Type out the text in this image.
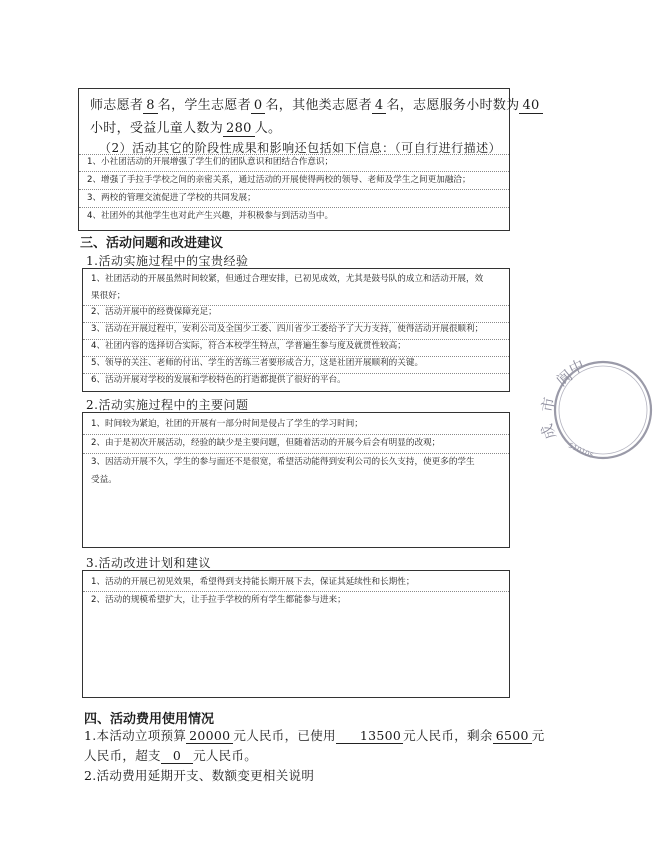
师志愿者 8 名，学生志愿者 0 名，其他类志愿者 4 名，志愿服务小时数为 40
小时，受益儿童人数为 280 人。
（2）活动其它的阶段性成果和影响还包括如下信息：（可自行进行描述）
1、小社团活动的开展增强了学生们的团队意识和团结合作意识；
2、增强了手拉手学校之间的亲密关系，通过活动的开展使得两校的领导、老师及学生之间更加融洽；
3、两校的管理交流促进了学校的共同发展；
4、社团外的其他学生也对此产生兴趣，并积极参与到活动当中。
三、活动问题和改进建议
1.活动实施过程中的宝贵经验
1、社团活动的开展虽然时间较紧，但通过合理安排，已初见成效，尤其是鼓号队的成立和活动开展，效
果很好；
2、活动开展中的经费保障充足；
3、活动在开展过程中，安利公司及全国少工委、四川省少工委给予了大力支持，使得活动开展很顺利；
4、社团内容的选择切合实际，符合本校学生特点，学普遍生参与度及就贯性较高；
5、领导的关注、老师的付出、学生的苦练三者要形成合力，这是社团开展顺利的关键。
6、活动开展对学校的发展和学校特色的打造都提供了很好的平台。
2.活动实施过程中的主要问题
1、时间较为紧迫，社团的开展有一部分时间是侵占了学生的学习时间；
2、由于是初次开展活动，经验的缺少是主要问题，但随着活动的开展今后会有明显的改观；
3、因活动开展不久，学生的参与面还不是很宽，希望活动能得到安利公司的长久支持，使更多的学生
受益。
3.活动改进计划和建议
1、活动的开展已初见效果，希望得到支持能长期开展下去，保证其延续性和长期性；
2、活动的规模希望扩大，让手拉手学校的所有学生都能参与进来；
四、活动费用使用情况
1.本活动立项预算 20000 元人民币，已使用 13500 元人民币，剩余 6500 元
人民币，超支 0 元人民币。
2.活动费用延期开支、数额变更相关说明
阆
中
市
成
510105
